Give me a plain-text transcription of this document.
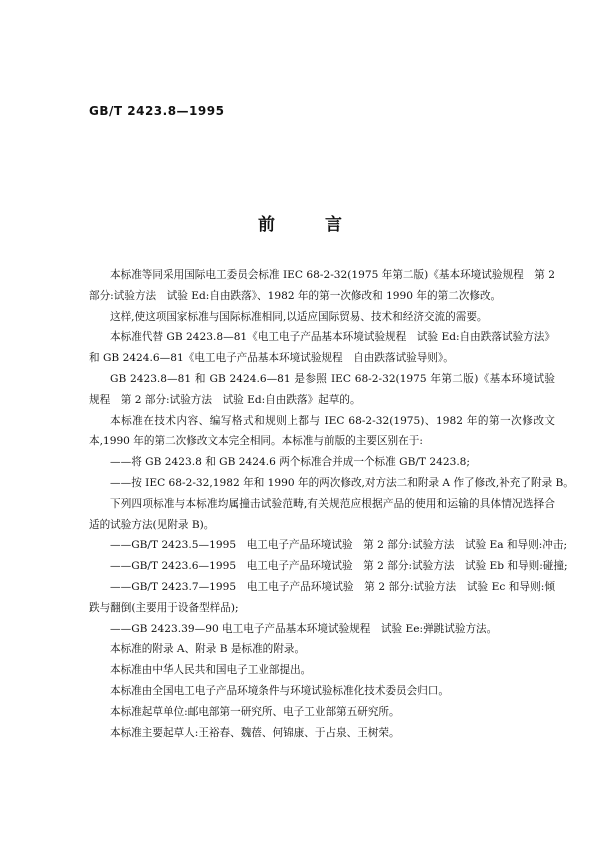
GB/T 2423.8—1995
前 言

本标准等同采用国际电工委员会标准 IEC 68-2-32(1975 年第二版)《基本环境试验规程　第 2 部分:试验方法　试验 Ed:自由跌落》、1982 年的第一次修改和 1990 年的第二次修改。

这样,使这项国家标准与国际标准相同,以适应国际贸易、技术和经济交流的需要。

本标准代替 GB 2423.8—81《电工电子产品基本环境试验规程　试验 Ed:自由跌落试验方法》和 GB 2424.6—81《电工电子产品基本环境试验规程　自由跌落试验导则》。

GB 2423.8—81 和 GB 2424.6—81 是参照 IEC 68-2-32(1975 年第二版)《基本环境试验规程　第 2 部分:试验方法　试验 Ed:自由跌落》起草的。

本标准在技术内容、编写格式和规则上都与 IEC 68-2-32(1975)、1982 年的第一次修改文本,1990 年的第二次修改文本完全相同。本标准与前版的主要区别在于:

——将 GB 2423.8 和 GB 2424.6 两个标准合并成一个标准 GB/T 2423.8;

——按 IEC 68-2-32,1982 年和 1990 年的两次修改,对方法二和附录 A 作了修改,补充了附录 B。

下列四项标准与本标准均属撞击试验范畴,有关规范应根据产品的使用和运输的具体情况选择合适的试验方法(见附录 B)。

——GB/T 2423.5—1995　电工电子产品环境试验　第 2 部分:试验方法　试验 Ea 和导则:冲击;

——GB/T 2423.6—1995　电工电子产品环境试验　第 2 部分:试验方法　试验 Eb 和导则:碰撞;

——GB/T 2423.7—1995　电工电子产品环境试验　第 2 部分:试验方法　试验 Ec 和导则:倾跌与翻倒(主要用于设备型样品);

——GB 2423.39—90 电工电子产品基本环境试验规程　试验 Ee:弹跳试验方法。

本标准的附录 A、附录 B 是标准的附录。

本标准由中华人民共和国电子工业部提出。

本标准由全国电工电子产品环境条件与环境试验标准化技术委员会归口。

本标准起草单位:邮电部第一研究所、电子工业部第五研究所。

本标准主要起草人:王裕春、魏蓓、何锦康、于占泉、王树荣。
